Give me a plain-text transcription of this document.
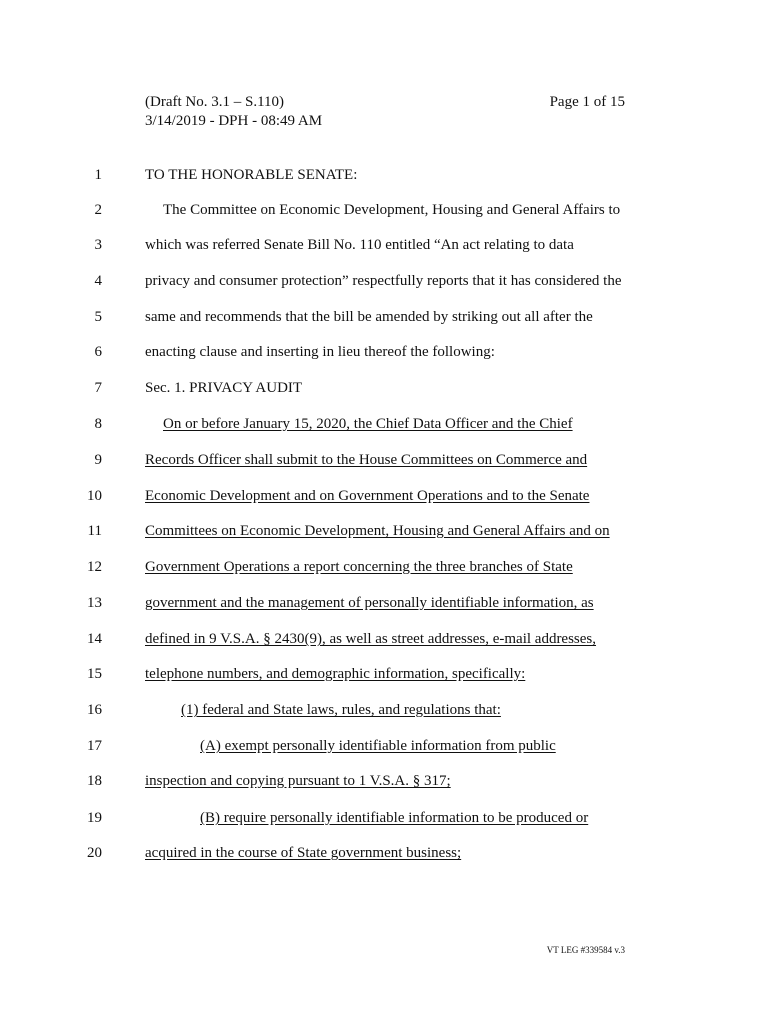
(Draft No. 3.1 – S.110)
3/14/2019 - DPH - 08:49 AM
Page 1 of 15
1	TO THE HONORABLE SENATE:
2	The Committee on Economic Development, Housing and General Affairs to
3	which was referred Senate Bill No. 110 entitled “An act relating to data
4	privacy and consumer protection” respectfully reports that it has considered the
5	same and recommends that the bill be amended by striking out all after the
6	enacting clause and inserting in lieu thereof the following:
7	Sec. 1. PRIVACY AUDIT
8	On or before January 15, 2020, the Chief Data Officer and the Chief
9	Records Officer shall submit to the House Committees on Commerce and
10	Economic Development and on Government Operations and to the Senate
11	Committees on Economic Development, Housing and General Affairs and on
12	Government Operations a report concerning the three branches of State
13	government and the management of personally identifiable information, as
14	defined in 9 V.S.A. § 2430(9), as well as street addresses, e-mail addresses,
15	telephone numbers, and demographic information, specifically:
16	(1) federal and State laws, rules, and regulations that:
17	(A) exempt personally identifiable information from public
18	inspection and copying pursuant to 1 V.S.A. § 317;
19	(B) require personally identifiable information to be produced or
20	acquired in the course of State government business;
VT LEG #339584 v.3
